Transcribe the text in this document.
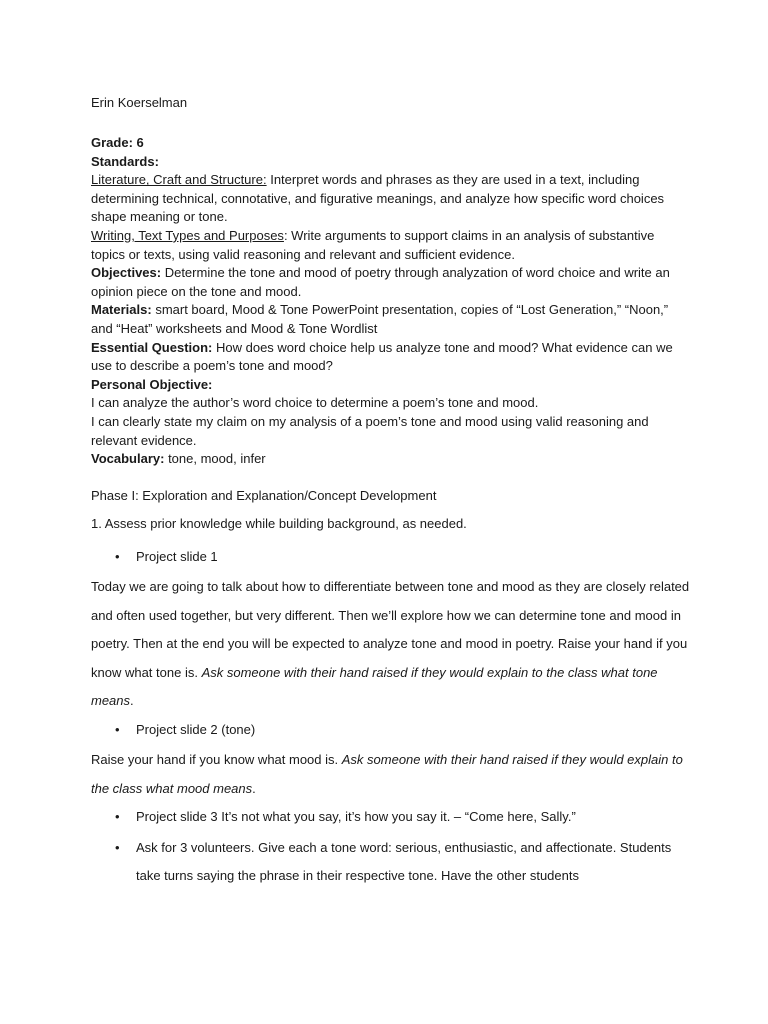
Erin Koerselman

Grade: 6

Standards:

Literature, Craft and Structure: Interpret words and phrases as they are used in a text, including determining technical, connotative, and figurative meanings, and analyze how specific word choices shape meaning or tone.

Writing, Text Types and Purposes: Write arguments to support claims in an analysis of substantive topics or texts, using valid reasoning and relevant and sufficient evidence.

Objectives: Determine the tone and mood of poetry through analyzation of word choice and write an opinion piece on the tone and mood.

Materials: smart board, Mood & Tone PowerPoint presentation, copies of “Lost Generation,” “Noon,” and “Heat” worksheets and Mood & Tone Wordlist

Essential Question: How does word choice help us analyze tone and mood? What evidence can we use to describe a poem’s tone and mood?

Personal Objective:

I can analyze the author’s word choice to determine a poem’s tone and mood.

I can clearly state my claim on my analysis of a poem’s tone and mood using valid reasoning and relevant evidence.

Vocabulary: tone, mood, infer

Phase I: Exploration and Explanation/Concept Development

1. Assess prior knowledge while building background, as needed.

• Project slide 1

Today we are going to talk about how to differentiate between tone and mood as they are closely related and often used together, but very different. Then we’ll explore how we can determine tone and mood in poetry. Then at the end you will be expected to analyze tone and mood in poetry. Raise your hand if you know what tone is. Ask someone with their hand raised if they would explain to the class what tone means.

• Project slide 2 (tone)

Raise your hand if you know what mood is. Ask someone with their hand raised if they would explain to the class what mood means.

• Project slide 3 It’s not what you say, it’s how you say it. – “Come here, Sally.”
• Ask for 3 volunteers. Give each a tone word: serious, enthusiastic, and affectionate. Students take turns saying the phrase in their respective tone. Have the other students
